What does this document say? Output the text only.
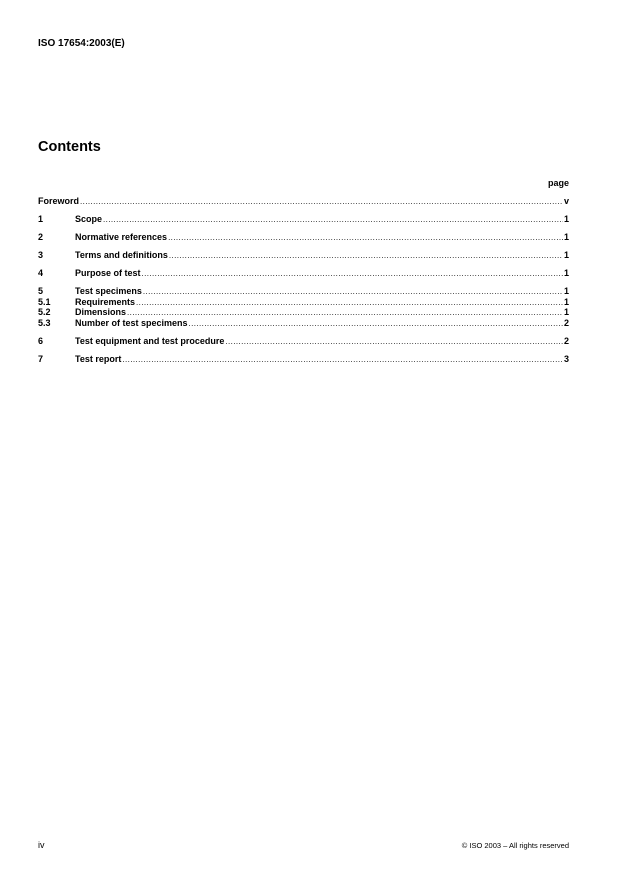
ISO 17654:2003(E)
Contents
page
Foreword .....	v
1	Scope .....	1
2	Normative references .....	1
3	Terms and definitions .....	1
4	Purpose of test .....	1
5	Test specimens .....	1
5.1	Requirements .....	1
5.2	Dimensions .....	1
5.3	Number of test specimens .....	2
6	Test equipment and test procedure .....	2
7	Test report .....	3
iv	© ISO 2003 – All rights reserved
